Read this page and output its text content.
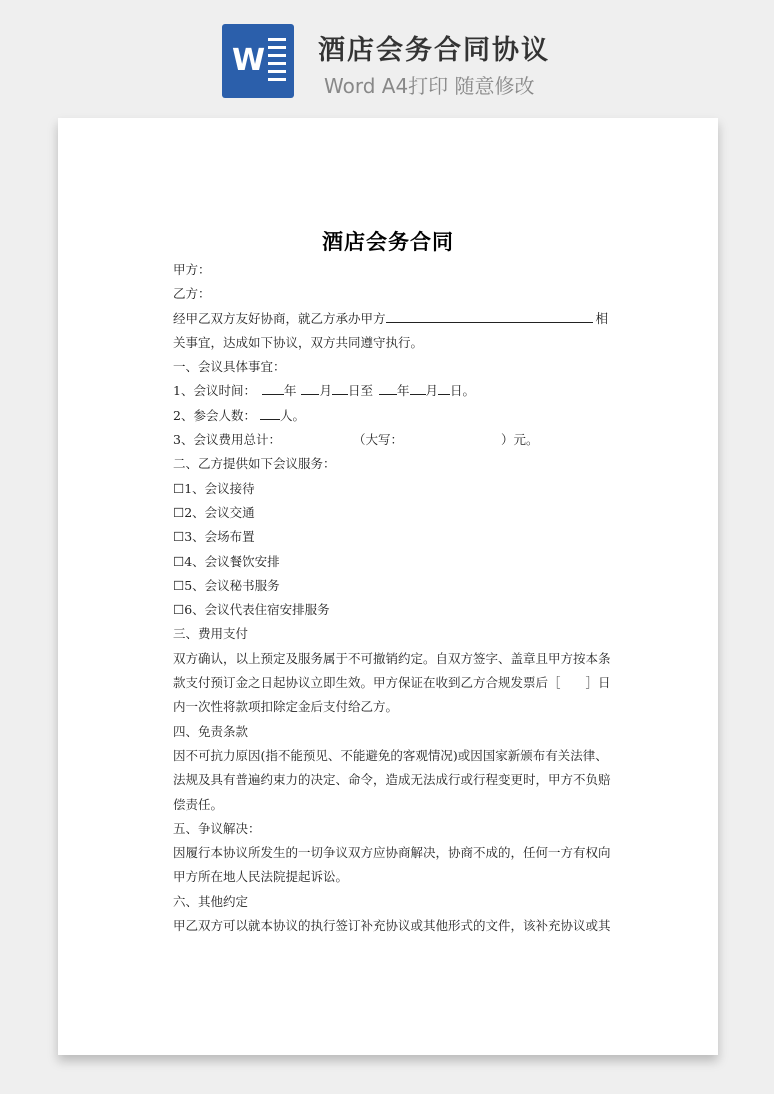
W 酒店会务合同协议
Word A4打印 随意修改
酒店会务合同
甲方：
乙方：
经甲乙双方友好协商，就乙方承办甲方	相
关事宜，达成如下协议，双方共同遵守执行。
一、会议具体事宜：
1、会议时间： 年 月 日至 年 月 日。
2、参会人数： 人。
3、会议费用总计：	（大写：	）元。
二、乙方提供如下会议服务：
☐1、会议接待
☐2、会议交通
☐3、会场布置
☐4、会议餐饮安排
☐5、会议秘书服务
☐6、会议代表住宿安排服务
三、费用支付
双方确认，以上预定及服务属于不可撤销约定。自双方签字、盖章且甲方按本条
款支付预订金之日起协议立即生效。甲方保证在收到乙方合规发票后［　　］日
内一次性将款项扣除定金后支付给乙方。
四、免责条款
因不可抗力原因(指不能预见、不能避免的客观情况)或因国家新颁布有关法律、
法规及具有普遍约束力的决定、命令，造成无法成行或行程变更时，甲方不负赔
偿责任。
五、争议解决：
因履行本协议所发生的一切争议双方应协商解决，协商不成的，任何一方有权向
甲方所在地人民法院提起诉讼。
六、其他约定
甲乙双方可以就本协议的执行签订补充协议或其他形式的文件，该补充协议或其
